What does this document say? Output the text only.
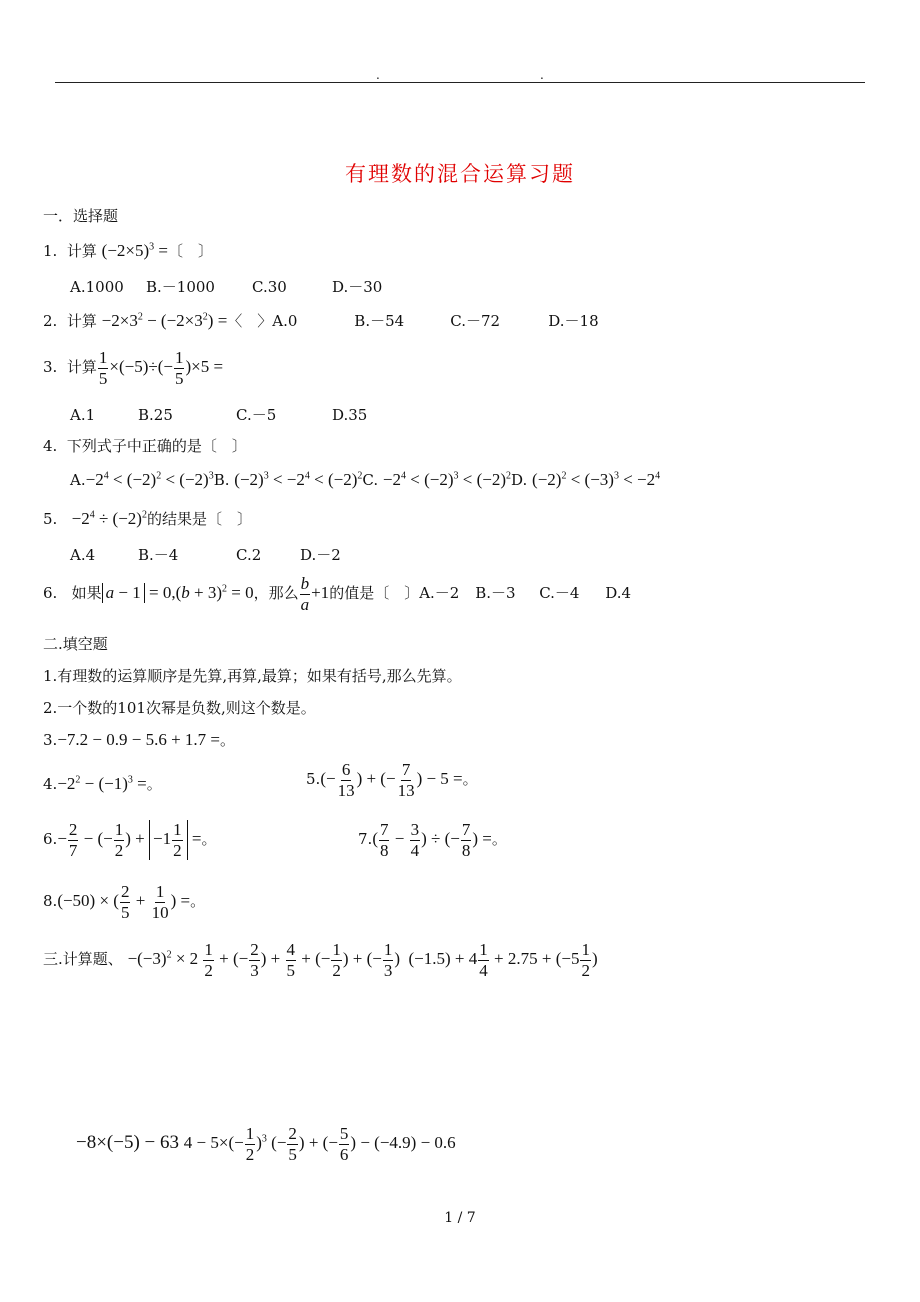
.	.
有理数的混合运算习题
一．选择题
1. 计算 $(-2\times 5)^3$ =〔　〕
A.1000 B.－1000 C.30	D.－30
2. 计算 $-2\times 3^2 - (-2\times 3^2)$ =〈　〉A.0	B.－54	C.－72	D.－18
3. 计算 $\frac{1}{5} \times(-5)\div(- \frac{1}{5} )\times 5$ =
A.1	B.25	C.－5	D.35
4. 下列式子中正确的是〔　〕
$A.-2^4 < (-2)^2 < (-2)^3B$. $(-2)^3 < -2^4 < (-2)^2C$. $-2^4 < (-2)^3 < (-2)^2D$. $(-2)^2 < (-3)^3 < -2^4$
5. $-2^4 \div (-2)^2$的结果是〔　〕
A.4	B.－4	C.2	D.－2
6. 如果 $a - 1 = 0,(b + 3)^2 = 0$，那么 $\frac{b}{a} +1$的值是〔　〕A.－2 B.－3 C.－4 D.4
二.填空题
1.有理数的运算顺序是先算,再算,最算；如果有括号,那么先算。
2.一个数的101次幂是负数,则这个数是。
3.−7.2 − 0.9 − 5.6 + 1.7 =。
$4.-2^2 - (-1)^3$ =。	$5.(- \frac{6}{13}$ ) + (− $\frac{7}{13}$ ) − 5 =。
$6.- \frac{2}{7}$ − (− $\frac{1}{2}$ ) + $-1 \frac{1}{2}$ =。	$7.( \frac{7}{8} - \frac{3}{4}$ ) ÷ (− $\frac{7}{8}$ ) =。
8.(−50) × ( $\frac{2}{5} + \frac{1}{10}$ ) =。
三.计算题、 $-(-3)^2 \times 2 \frac{1}{2}$ + (− $\frac{2}{3}$ ) + $\frac{4}{5}$ + (− $\frac{1}{2}$ ) + (− $\frac{1}{3}$ )  $(-1.5) + 4 \frac{1}{4} + 2.75 + (-5 \frac{1}{2}$ )
−8×(−5) − 63 $4 - 5\times(- \frac{1}{2} )^3$ (− $\frac{2}{5}$ ) + (− $\frac{5}{6}$ ) − (−4.9) − 0.6
1 / 7
